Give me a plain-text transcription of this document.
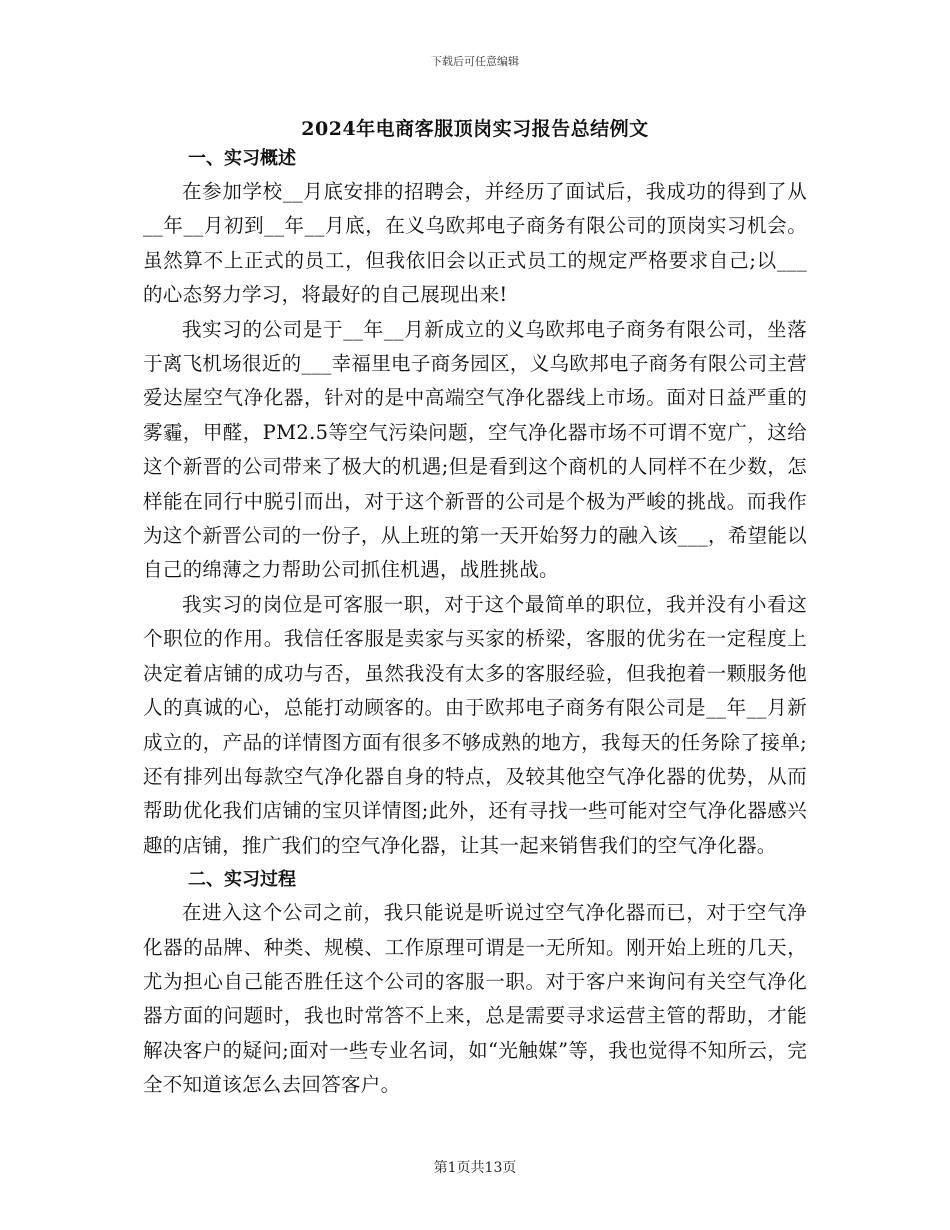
下载后可任意编辑
2024年电商客服顶岗实习报告总结例文
一、实习概述

在参加学校__月底安排的招聘会，并经历了面试后，我成功的得到了从__年__月初到__年__月底，在义乌欧邦电子商务有限公司的顶岗实习机会。虽然算不上正式的员工，但我依旧会以正式员工的规定严格要求自己;以___的心态努力学习，将最好的自己展现出来!

我实习的公司是于__年__月新成立的义乌欧邦电子商务有限公司，坐落于离飞机场很近的___幸福里电子商务园区，义乌欧邦电子商务有限公司主营爱达屋空气净化器，针对的是中高端空气净化器线上市场。面对日益严重的雾霾，甲醛，PM2.5等空气污染问题，空气净化器市场不可谓不宽广，这给这个新晋的公司带来了极大的机遇;但是看到这个商机的人同样不在少数，怎样能在同行中脱引而出，对于这个新晋的公司是个极为严峻的挑战。而我作为这个新晋公司的一份子，从上班的第一天开始努力的融入该___，希望能以自己的绵薄之力帮助公司抓住机遇，战胜挑战。

我实习的岗位是可客服一职，对于这个最简单的职位，我并没有小看这个职位的作用。我信任客服是卖家与买家的桥梁，客服的优劣在一定程度上决定着店铺的成功与否，虽然我没有太多的客服经验，但我抱着一颗服务他人的真诚的心，总能打动顾客的。由于欧邦电子商务有限公司是__年__月新成立的，产品的详情图方面有很多不够成熟的地方，我每天的任务除了接单;还有排列出每款空气净化器自身的特点，及较其他空气净化器的优势，从而帮助优化我们店铺的宝贝详情图;此外，还有寻找一些可能对空气净化器感兴趣的店铺，推广我们的空气净化器，让其一起来销售我们的空气净化器。

二、实习过程

在进入这个公司之前，我只能说是听说过空气净化器而已，对于空气净化器的品牌、种类、规模、工作原理可谓是一无所知。刚开始上班的几天，尤为担心自己能否胜任这个公司的客服一职。对于客户来询问有关空气净化器方面的问题时，我也时常答不上来，总是需要寻求运营主管的帮助，才能解决客户的疑问;面对一些专业名词，如“光触媒”等，我也觉得不知所云，完全不知道该怎么去回答客户。

第1页共13页
